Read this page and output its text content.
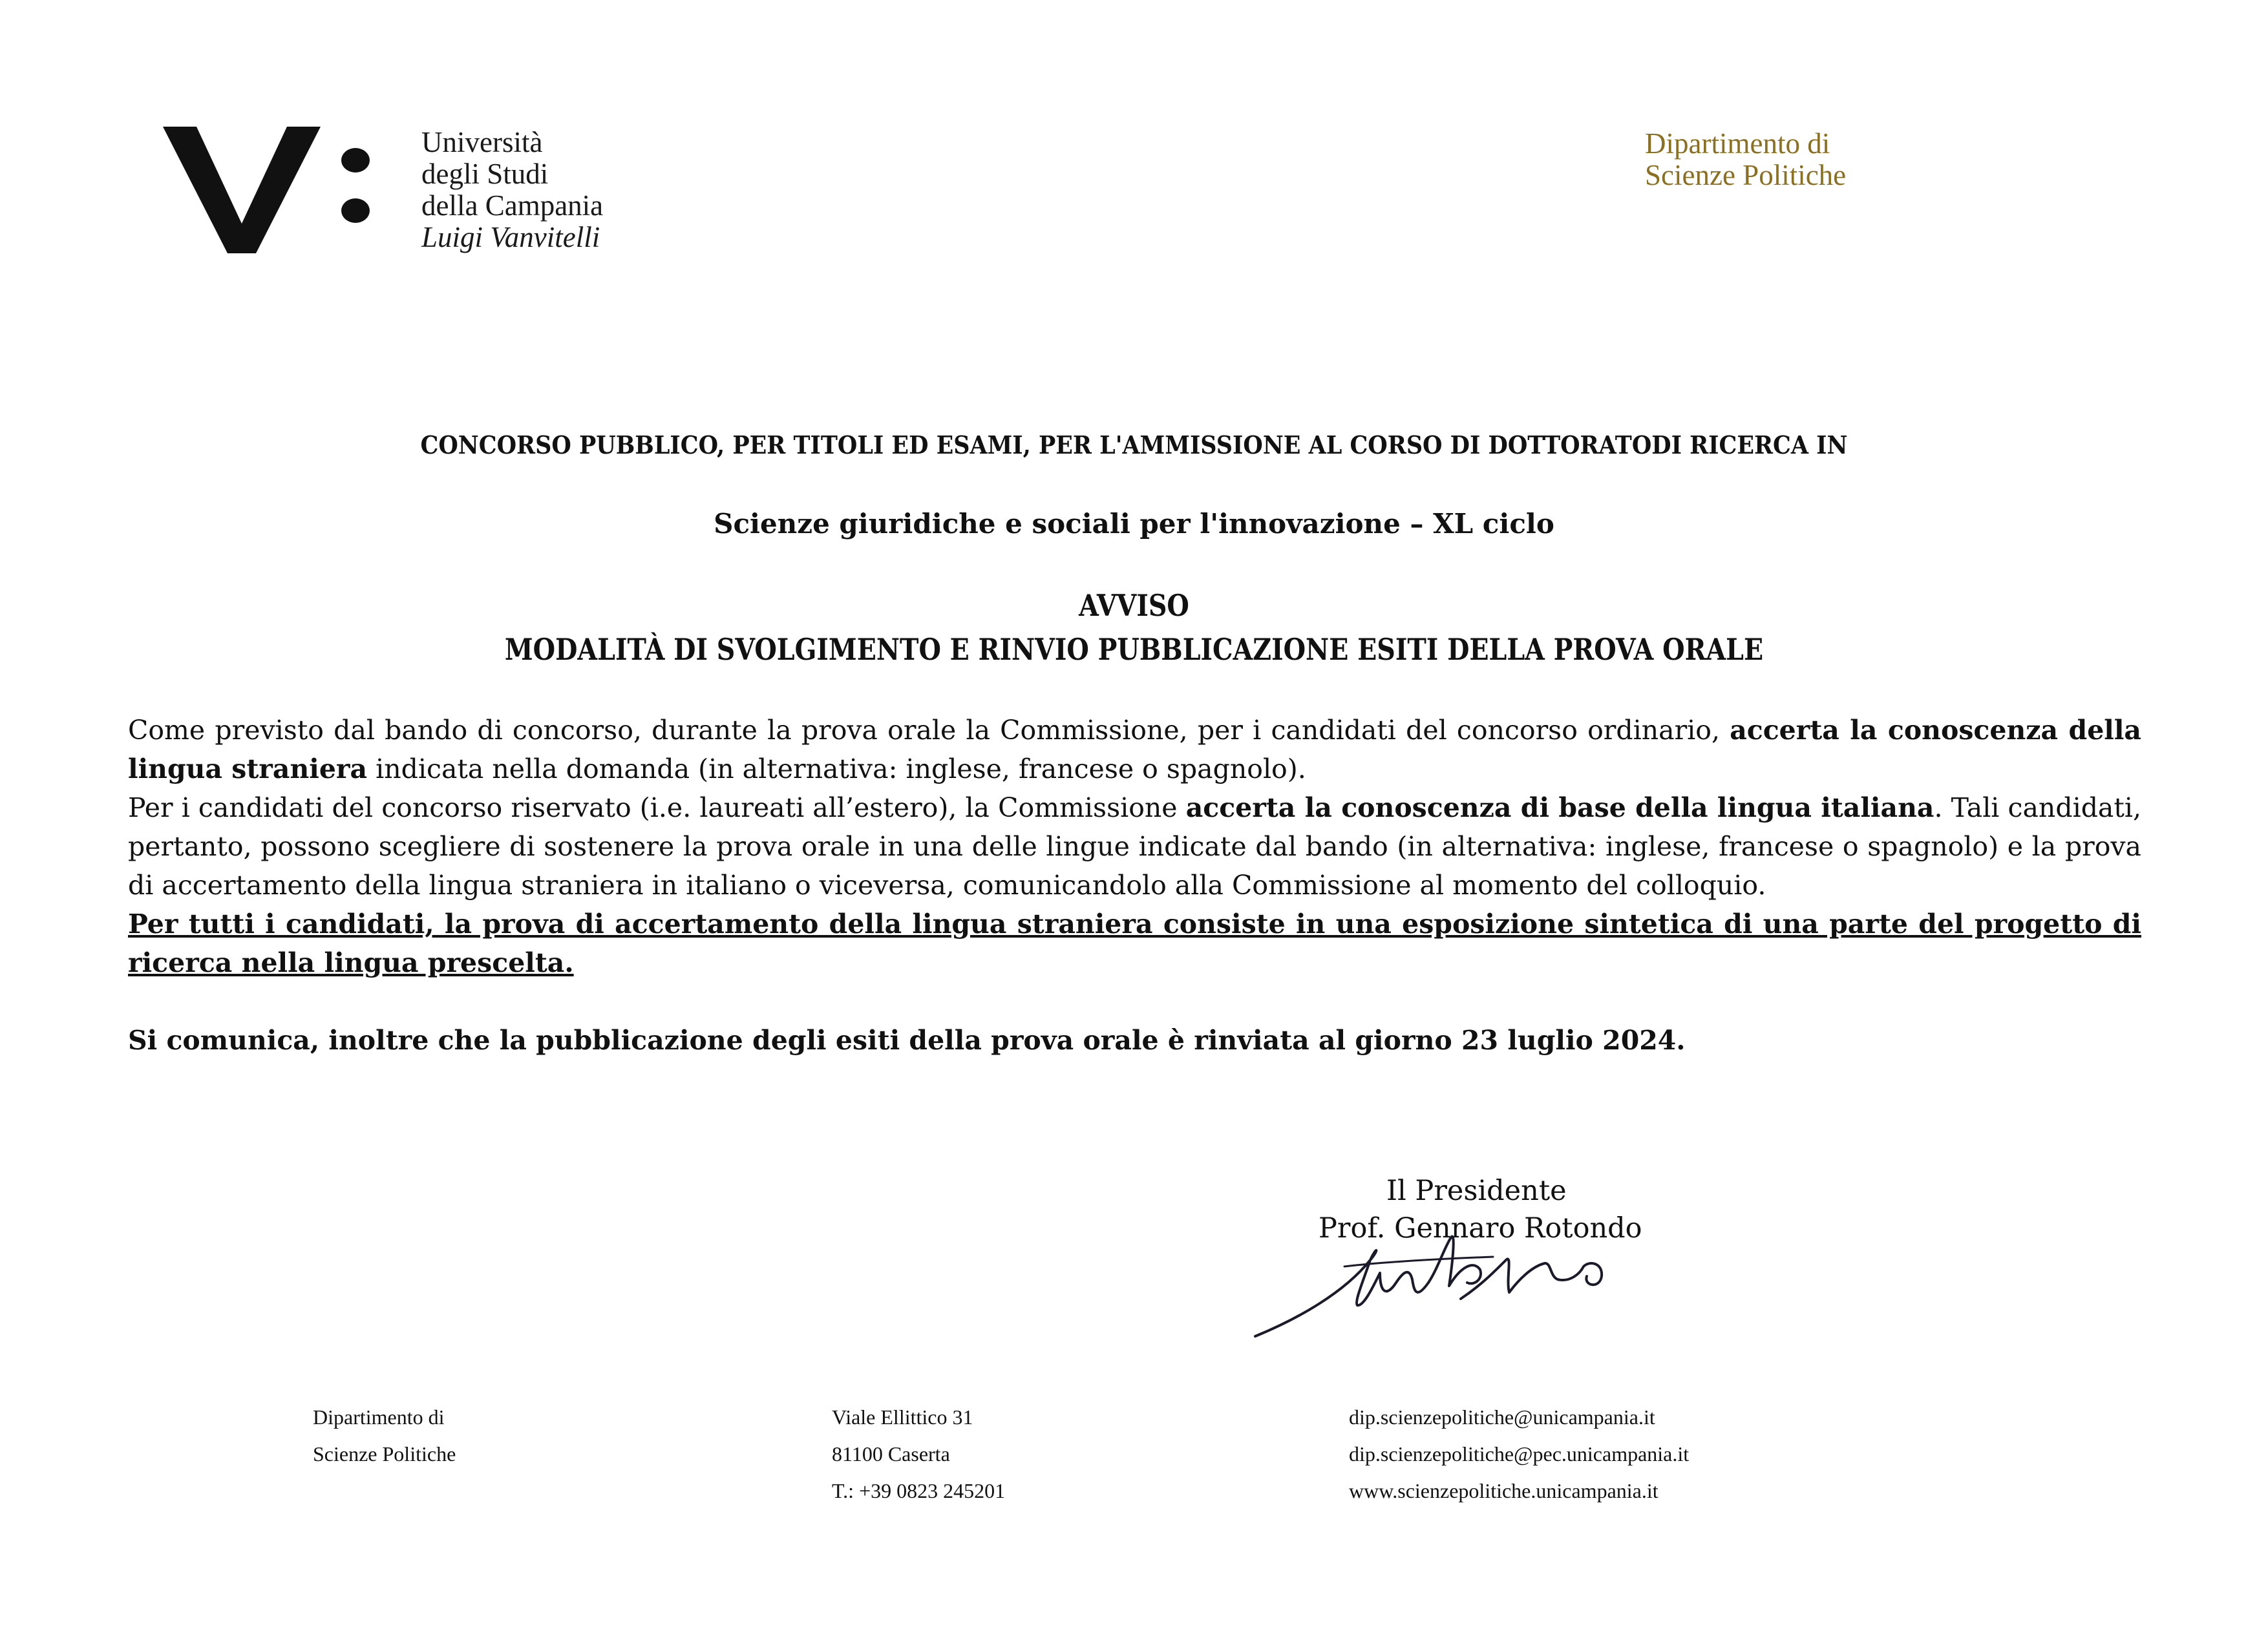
Università
degli Studi
della Campania
Luigi Vanvitelli
Dipartimento di
Scienze Politiche
CONCORSO PUBBLICO, PER TITOLI ED ESAMI, PER L'AMMISSIONE AL CORSO DI DOTTORATODI RICERCA IN
Scienze giuridiche e sociali per l'innovazione – XL ciclo
AVVISO
MODALITÀ DI SVOLGIMENTO E RINVIO PUBBLICAZIONE ESITI DELLA PROVA ORALE

Come previsto dal bando di concorso, durante la prova orale la Commissione, per i candidati del concorso ordinario, accerta la conoscenza della lingua straniera indicata nella domanda (in alternativa: inglese, francese o spagnolo).

Per i candidati del concorso riservato (i.e. laureati all’estero), la Commissione accerta la conoscenza di base della lingua italiana. Tali candidati, pertanto, possono scegliere di sostenere la prova orale in una delle lingue indicate dal bando (in alternativa: inglese, francese o spagnolo) e la prova di accertamento della lingua straniera in italiano o viceversa, comunicandolo alla Commissione al momento del colloquio.

Per tutti i candidati, la prova di accertamento della lingua straniera consiste in una esposizione sintetica di una parte del progetto di ricerca nella lingua prescelta.

Si comunica, inoltre che la pubblicazione degli esiti della prova orale è rinviata al giorno 23 luglio 2024.

Il Presidente
Prof. Gennaro Rotondo
Dipartimento di
Scienze Politiche
Viale Ellittico 31
81100 Caserta
T.: +39 0823 245201
dip.scienzepolitiche@unicampania.it
dip.scienzepolitiche@pec.unicampania.it
www.scienzepolitiche.unicampania.it
